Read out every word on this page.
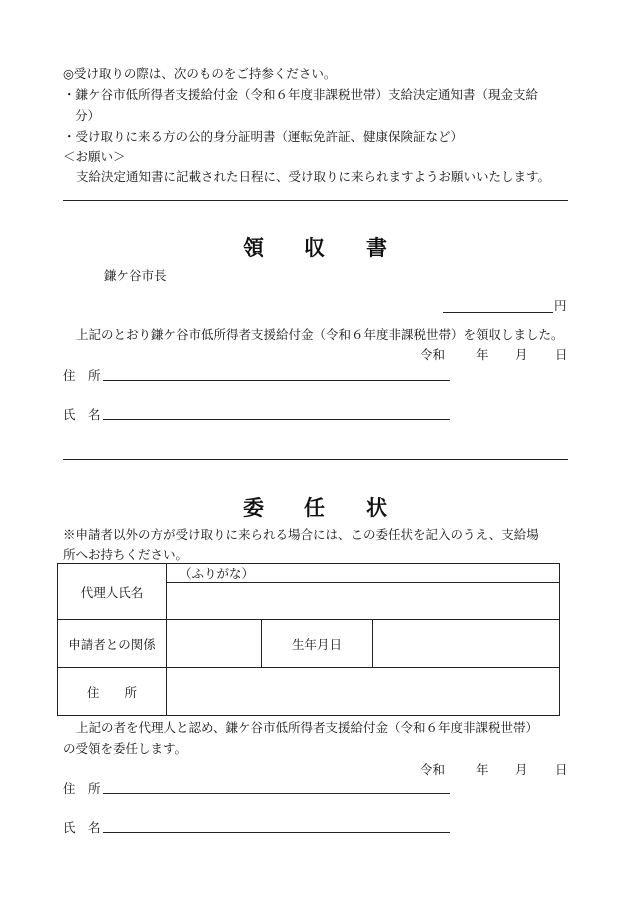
◎受け取りの際は、次のものをご持参ください。
・鎌ケ谷市低所得者支援給付金（令和６年度非課税世帯）支給決定通知書（現金支給
分）
・受け取りに来る方の公的身分証明書（運転免許証、健康保険証など）
＜お願い＞
支給決定通知書に記載された日程に、受け取りに来られますようお願いいたします。
領 収 書
鎌ケ谷市長
円
上記のとおり鎌ケ谷市低所得者支援給付金（令和６年度非課税世帯）を領収しました。
令和 年 月 日
住　所
氏　名
委 任 状
※申請者以外の方が受け取りに来られる場合には、この委任状を記入のうえ、支給場
所へお持ちください。
代理人氏名	（ふりがな）		

申請者との関係		生年月日	
住　　所			
上記の者を代理人と認め、鎌ケ谷市低所得者支援給付金（令和６年度非課税世帯）
の受領を委任します。
令和 年 月 日
住　所
氏　名
